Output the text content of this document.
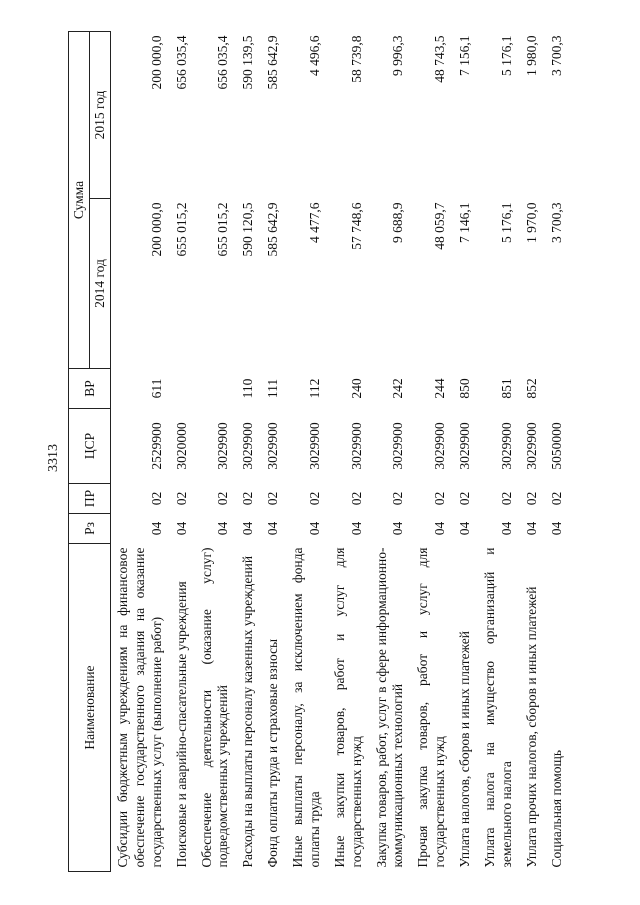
3313
Наименование	Рз	ПР	ЦСР	ВР	Сумма	
					2014 год	2015 год
Субсидии бюджетным учреждениям на финансовое обеспечение государственного задания на оказание государственных услуг (выполнение работ)	04	02	2529900	611	200 000,0	200 000,0
Поисковые и аварийно-спасательные учреждения	04	02	3020000		655 015,2	656 035,4
Обеспечение деятельности (оказание услуг) подведомственных учреждений	04	02	3029900		655 015,2	656 035,4
Расходы на выплаты персоналу казенных учреждений	04	02	3029900	110	590 120,5	590 139,5
Фонд оплаты труда и страховые взносы	04	02	3029900	111	585 642,9	585 642,9
Иные выплаты персоналу, за исключением фонда оплаты труда	04	02	3029900	112	4 477,6	4 496,6
Иные закупки товаров, работ и услуг для государственных нужд	04	02	3029900	240	57 748,6	58 739,8
Закупка товаров, работ, услуг в сфере информационно-коммуникационных технологий	04	02	3029900	242	9 688,9	9 996,3
Прочая закупка товаров, работ и услуг для государственных нужд	04	02	3029900	244	48 059,7	48 743,5
Уплата налогов, сборов и иных платежей	04	02	3029900	850	7 146,1	7 156,1
Уплата налога на имущество организаций и земельного налога	04	02	3029900	851	5 176,1	5 176,1
Уплата прочих налогов, сборов и иных платежей	04	02	3029900	852	1 970,0	1 980,0
Социальная помощь	04	02	5050000		3 700,3	3 700,3
